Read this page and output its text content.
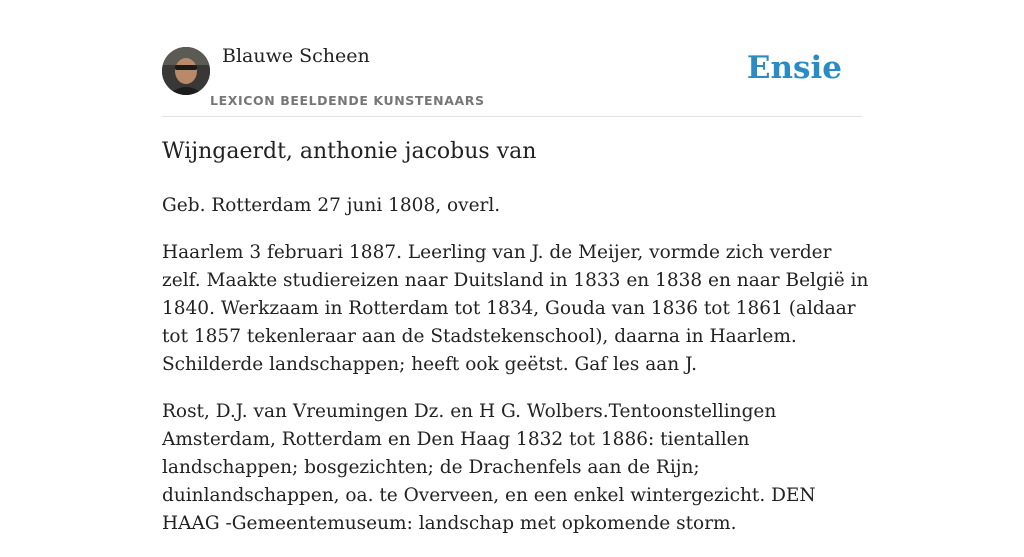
Blauwe Scheen
LEXICON BEELDENDE KUNSTENAARS
Ensie
Wijngaerdt, anthonie jacobus van

Geb. Rotterdam 27 juni 1808, overl.

Haarlem 3 februari 1887. Leerling van J. de Meijer, vormde zich verder zelf. Maakte studiereizen naar Duitsland in 1833 en 1838 en naar België in 1840. Werkzaam in Rotterdam tot 1834, Gouda van 1836 tot 1861 (aldaar tot 1857 tekenleraar aan de Stadstekenschool), daarna in Haarlem. Schilderde landschappen; heeft ook geëtst. Gaf les aan J.

Rost, D.J. van Vreumingen Dz. en H G. Wolbers.Tentoonstellingen Amsterdam, Rotterdam en Den Haag 1832 tot 1886: tientallen landschappen; bosgezichten; de Drachenfels aan de Rijn; duinlandschappen, oa. te Overveen, en een enkel wintergezicht. DEN HAAG -Gemeentemuseum: landschap met opkomende storm.
